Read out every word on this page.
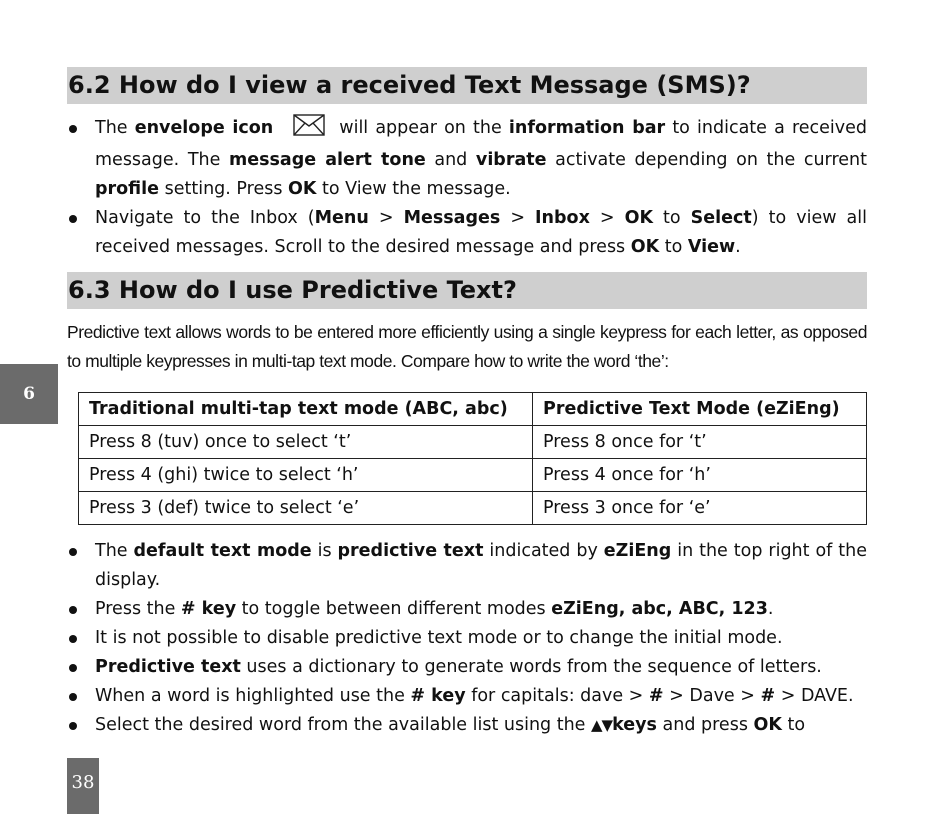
6.2 How do I view a received Text Message (SMS)?
The envelope icon	will appear on the information bar to indicate a received message. The message alert tone and vibrate activate depending on the current profile setting. Press OK to View the message.
Navigate to the Inbox (Menu > Messages > Inbox > OK to Select) to view all received messages. Scroll to the desired message and press OK to View.
6.3 How do I use Predictive Text?
Predictive text allows words to be entered more efficiently using a single keypress for each letter, as opposed to multiple keypresses in multi-tap text mode. Compare how to write the word ‘the’:
Traditional multi-tap text mode (ABC, abc)	Predictive Text Mode (eZiEng)
Press 8 (tuv) once to select ‘t’	Press 8 once for ‘t’
Press 4 (ghi) twice to select ‘h’	Press 4 once for ‘h’
Press 3 (def) twice to select ‘e’	Press 3 once for ‘e’
The default text mode is predictive text indicated by eZiEng in the top right of the display.
Press the # key to toggle between different modes eZiEng, abc, ABC, 123.
It is not possible to disable predictive text mode or to change the initial mode.
Predictive text uses a dictionary to generate words from the sequence of letters.
When a word is highlighted use the # key for capitals: dave > # > Dave > # > DAVE.
Select the desired word from the available list using the ▲▼keys and press OK to
6
38
